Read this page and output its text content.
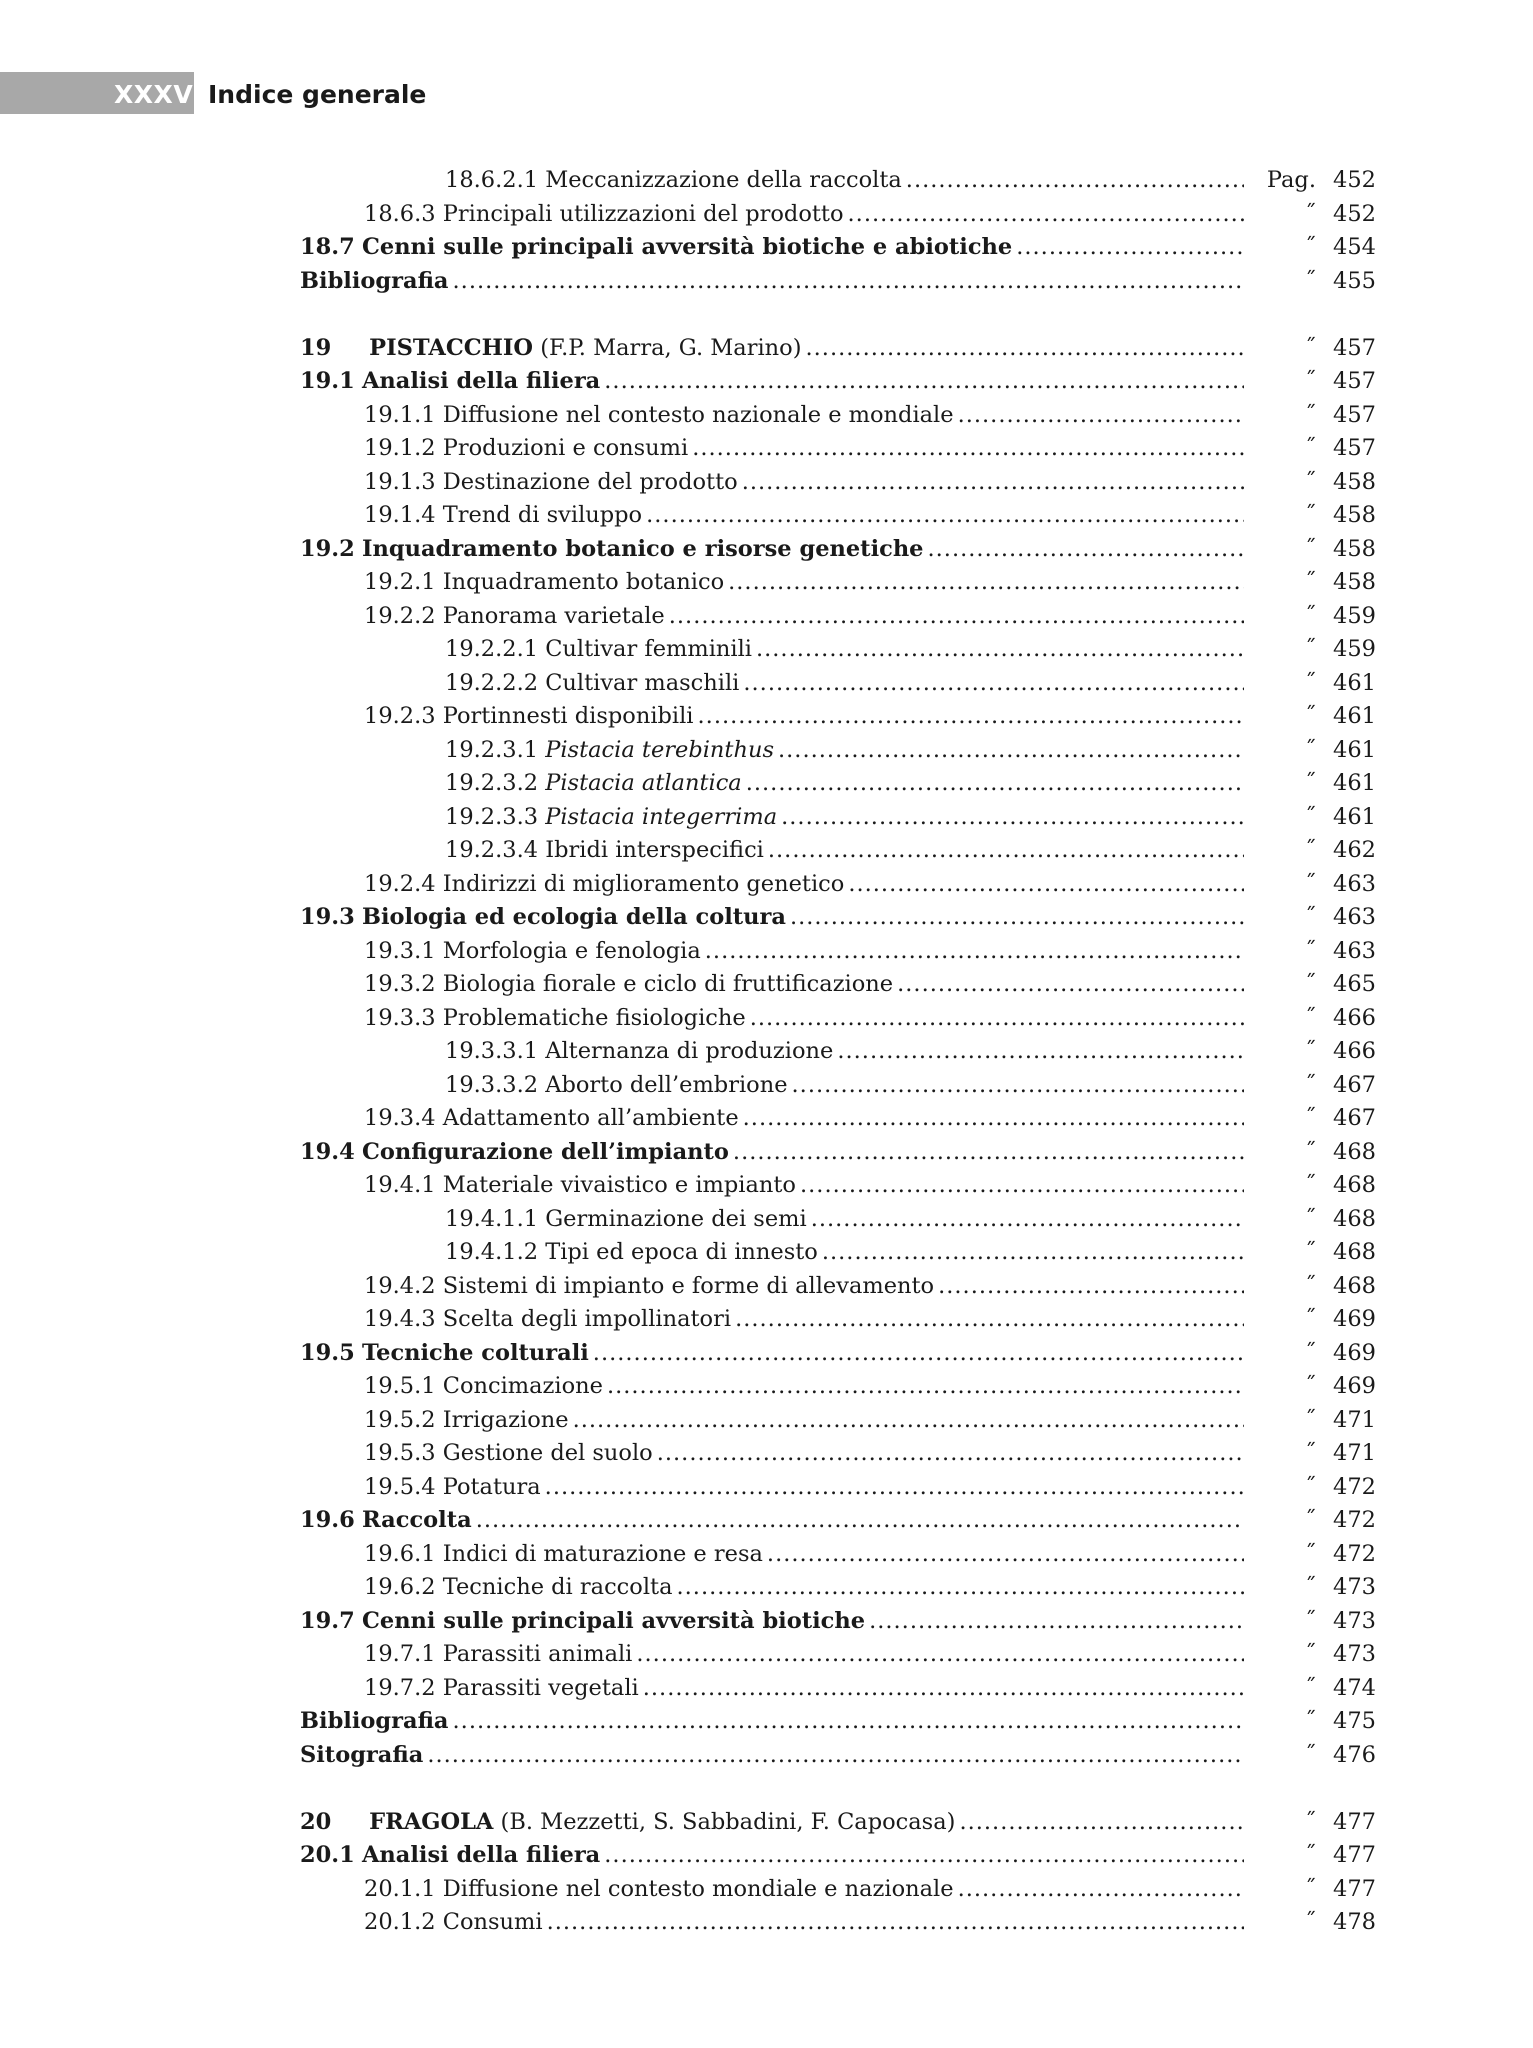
XXXVI Indice generale
18.6.2.1 Meccanizzazione della raccolta .....	Pag. 452
18.6.3 Principali utilizzazioni del prodotto .....	˝ 452
18.7 Cenni sulle principali avversità biotiche e abiotiche .....	˝ 454
Bibliografia .....	˝ 455
19 PISTACCHIO (F.P. Marra, G. Marino) .....	˝ 457
19.1 Analisi della filiera .....	˝ 457
19.1.1 Diffusione nel contesto nazionale e mondiale .....	˝ 457
19.1.2 Produzioni e consumi .....	˝ 457
19.1.3 Destinazione del prodotto .....	˝ 458
19.1.4 Trend di sviluppo .....	˝ 458
19.2 Inquadramento botanico e risorse genetiche .....	˝ 458
19.2.1 Inquadramento botanico .....	˝ 458
19.2.2 Panorama varietale .....	˝ 459
19.2.2.1 Cultivar femminili .....	˝ 459
19.2.2.2 Cultivar maschili .....	˝ 461
19.2.3 Portinnesti disponibili .....	˝ 461
19.2.3.1 Pistacia terebinthus .....	˝ 461
19.2.3.2 Pistacia atlantica .....	˝ 461
19.2.3.3 Pistacia integerrima .....	˝ 461
19.2.3.4 Ibridi interspecifici .....	˝ 462
19.2.4 Indirizzi di miglioramento genetico .....	˝ 463
19.3 Biologia ed ecologia della coltura .....	˝ 463
19.3.1 Morfologia e fenologia .....	˝ 463
19.3.2 Biologia fiorale e ciclo di fruttificazione .....	˝ 465
19.3.3 Problematiche fisiologiche .....	˝ 466
19.3.3.1 Alternanza di produzione .....	˝ 466
19.3.3.2 Aborto dell’embrione .....	˝ 467
19.3.4 Adattamento all’ambiente .....	˝ 467
19.4 Configurazione dell’impianto .....	˝ 468
19.4.1 Materiale vivaistico e impianto .....	˝ 468
19.4.1.1 Germinazione dei semi .....	˝ 468
19.4.1.2 Tipi ed epoca di innesto .....	˝ 468
19.4.2 Sistemi di impianto e forme di allevamento .....	˝ 468
19.4.3 Scelta degli impollinatori .....	˝ 469
19.5 Tecniche colturali .....	˝ 469
19.5.1 Concimazione .....	˝ 469
19.5.2 Irrigazione .....	˝ 471
19.5.3 Gestione del suolo .....	˝ 471
19.5.4 Potatura .....	˝ 472
19.6 Raccolta .....	˝ 472
19.6.1 Indici di maturazione e resa .....	˝ 472
19.6.2 Tecniche di raccolta .....	˝ 473
19.7 Cenni sulle principali avversità biotiche .....	˝ 473
19.7.1 Parassiti animali .....	˝ 473
19.7.2 Parassiti vegetali .....	˝ 474
Bibliografia .....	˝ 475
Sitografia .....	˝ 476
20 FRAGOLA (B. Mezzetti, S. Sabbadini, F. Capocasa) .....	˝ 477
20.1 Analisi della filiera .....	˝ 477
20.1.1 Diffusione nel contesto mondiale e nazionale .....	˝ 477
20.1.2 Consumi .....	˝ 478
